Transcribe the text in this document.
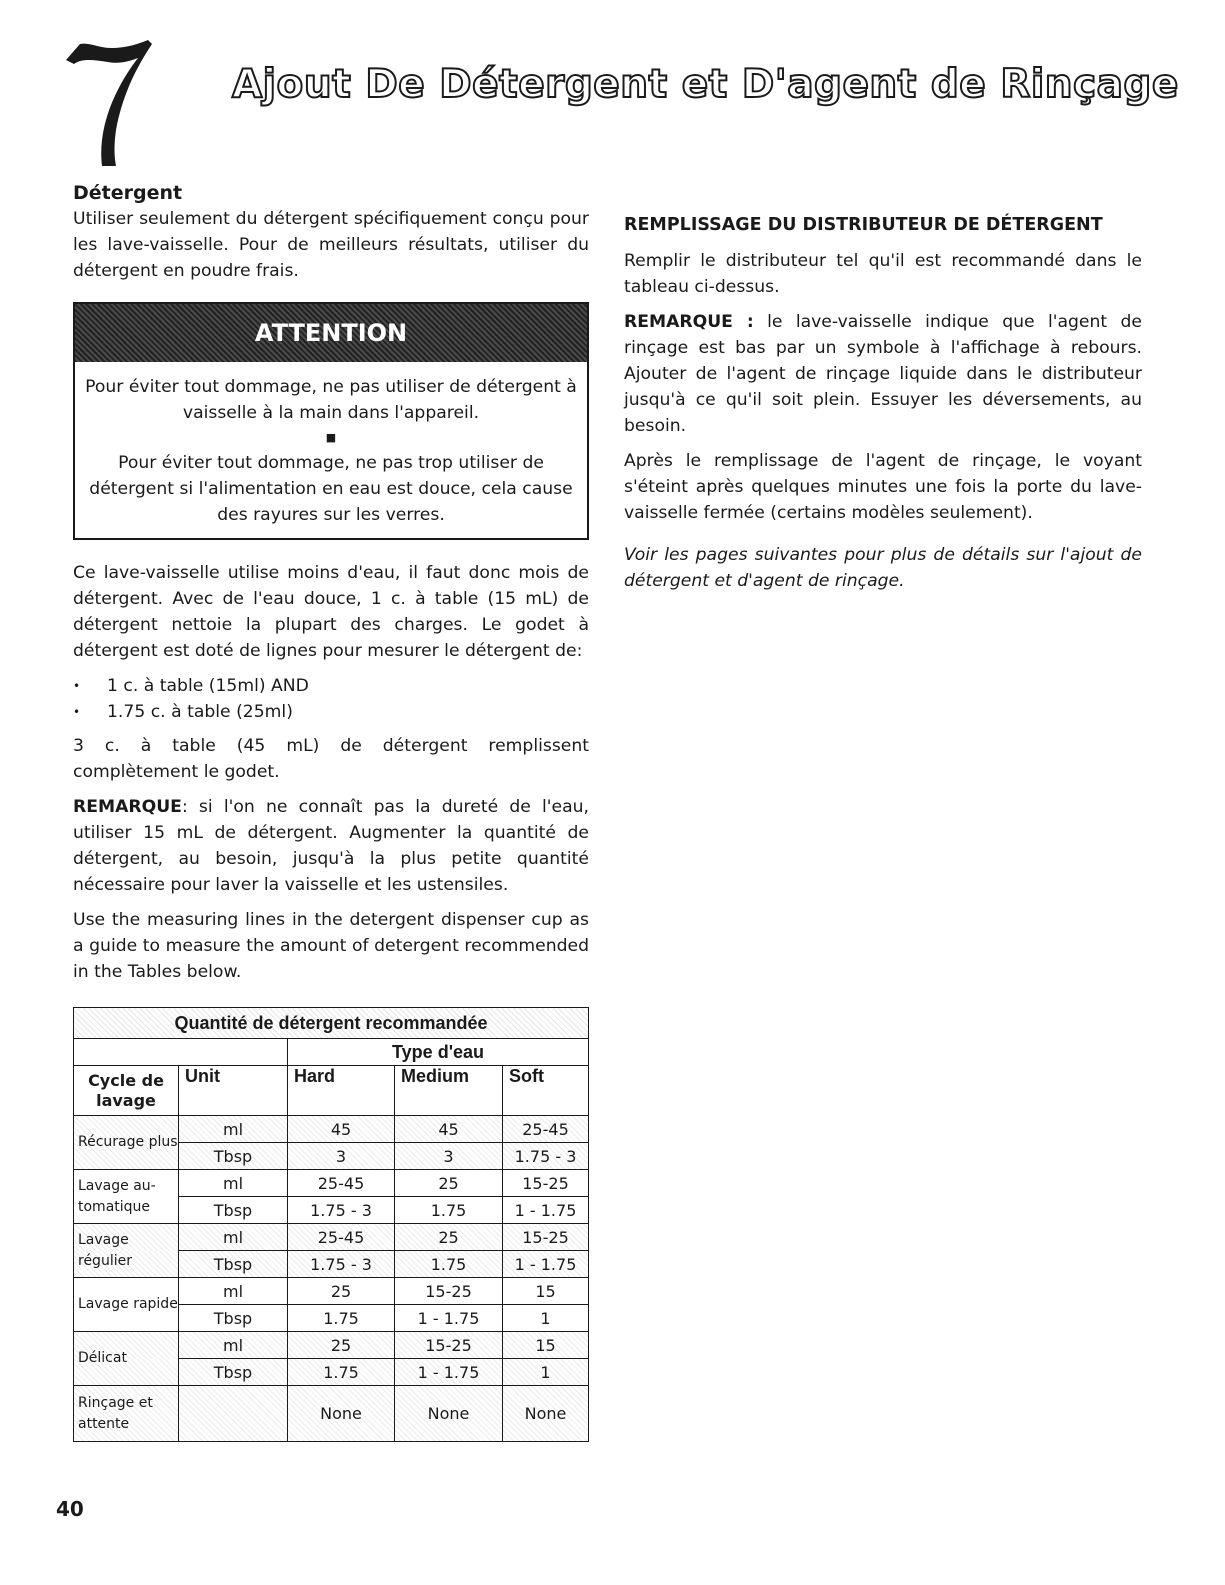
Ajout De Détergent et D'agent de Rinçage
Détergent

Utiliser seulement du détergent spécifiquement conçu pour les lave-vaisselle. Pour de meilleurs résultats, utiliser du détergent en poudre frais.

ATTENTION

Pour éviter tout dommage, ne pas utiliser de détergent à vaisselle à la main dans l'appareil.

■

Pour éviter tout dommage, ne pas trop utiliser de détergent si l'alimentation en eau est douce, cela cause des rayures sur les verres.

Ce lave-vaisselle utilise moins d'eau, il faut donc mois de détergent. Avec de l'eau douce, 1 c. à table (15 mL) de détergent nettoie la plupart des charges. Le godet à détergent est doté de lignes pour mesurer le détergent de:

• 1 c. à table (15ml) AND
• 1.75 c. à table (25ml)

3 c. à table (45 mL) de détergent remplissent complètement le godet.

REMARQUE: si l'on ne connaît pas la dureté de l'eau, utiliser 15 mL de détergent. Augmenter la quantité de détergent, au besoin, jusqu'à la plus petite quantité nécessaire pour laver la vaisselle et les ustensiles.

Use the measuring lines in the detergent dispenser cup as a guide to measure the amount of detergent recommended in the Tables below.

Quantité de détergent recommandée				
		Type d'eau		
Cycle de lavage	Unit	Hard	Medium	Soft
Récurage plus	ml	45	45	25-45
	Tbsp	3	3	1.75 - 3
Lavage au-tomatique	ml	25-45	25	15-25
	Tbsp	1.75 - 3	1.75	1 - 1.75
Lavage régulier	ml	25-45	25	15-25
	Tbsp	1.75 - 3	1.75	1 - 1.75
Lavage rapide	ml	25	15-25	15
	Tbsp	1.75	1 - 1.75	1
Délicat	ml	25	15-25	15
	Tbsp	1.75	1 - 1.75	1
Rinçage et attente		None	None	None
REMPLISSAGE DU DISTRIBUTEUR DE DÉTERGENT

Remplir le distributeur tel qu'il est recommandé dans le tableau ci-dessus.

REMARQUE : le lave-vaisselle indique que l'agent de rinçage est bas par un symbole à l'affichage à rebours. Ajouter de l'agent de rinçage liquide dans le distributeur jusqu'à ce qu'il soit plein. Essuyer les déversements, au besoin.

Après le remplissage de l'agent de rinçage, le voyant s'éteint après quelques minutes une fois la porte du lave-vaisselle fermée (certains modèles seulement).

Voir les pages suivantes pour plus de détails sur l'ajout de détergent et d'agent de rinçage.

40
